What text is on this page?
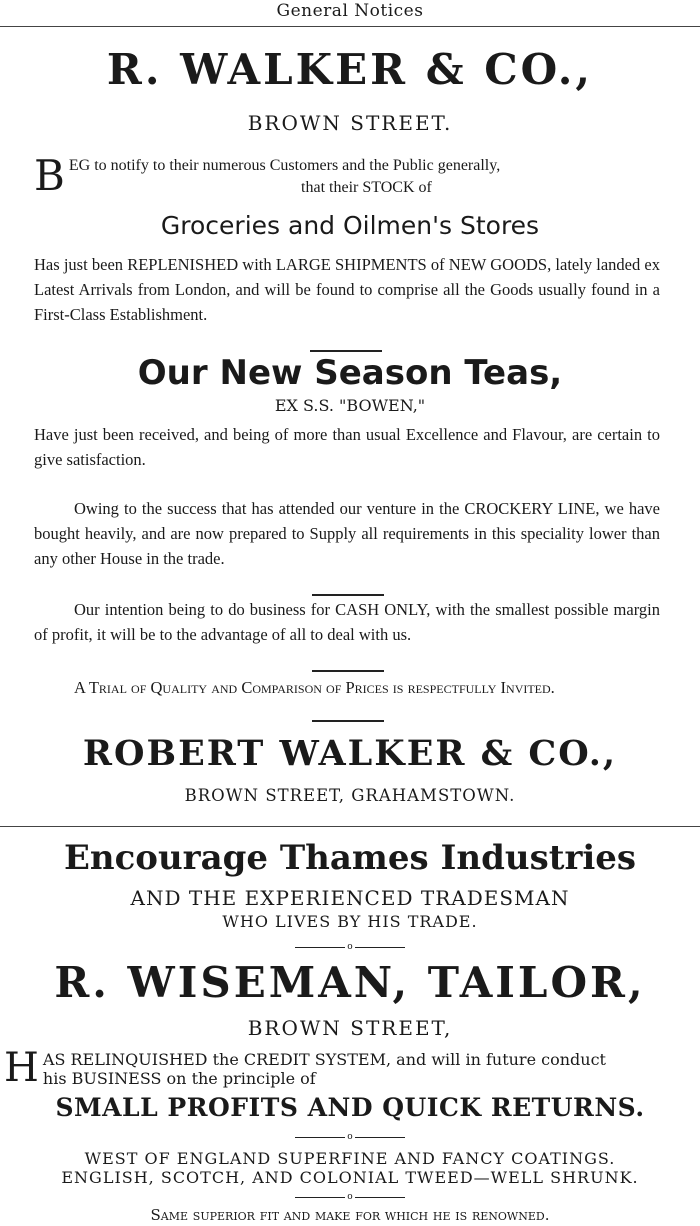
General Notices
R. WALKER & CO.,
BROWN STREET.
B EG to notify to their numerous Customers and the Public generally,
that their STOCK of
Groceries and Oilmen's Stores
Has just been REPLENISHED with LARGE SHIPMENTS of NEW GOODS, lately landed ex Latest Arrivals from London, and will be found to comprise all the Goods usually found in a First-Class Establishment.
Our New Season Teas,
EX S.S. "BOWEN,"
Have just been received, and being of more than usual Excellence and Flavour, are certain to give satisfaction.
Owing to the success that has attended our venture in the CROCKERY LINE, we have bought heavily, and are now prepared to Supply all requirements in this speciality lower than any other House in the trade.
Our intention being to do business for CASH ONLY, with the smallest possible margin of profit, it will be to the advantage of all to deal with us.
A Trial of Quality and Comparison of Prices is respectfully Invited.
ROBERT WALKER & CO.,
BROWN STREET, GRAHAMSTOWN.
Encourage Thames Industries
AND THE EXPERIENCED TRADESMAN
WHO LIVES BY HIS TRADE.
o
R. WISEMAN, TAILOR,
BROWN STREET,
H AS RELINQUISHED the CREDIT SYSTEM, and will in future conduct
his BUSINESS on the principle of
SMALL PROFITS AND QUICK RETURNS.
o
WEST OF ENGLAND SUPERFINE AND FANCY COATINGS.
ENGLISH, SCOTCH, AND COLONIAL TWEED—WELL SHRUNK.
o
Same superior fit and make for which he is renowned.
